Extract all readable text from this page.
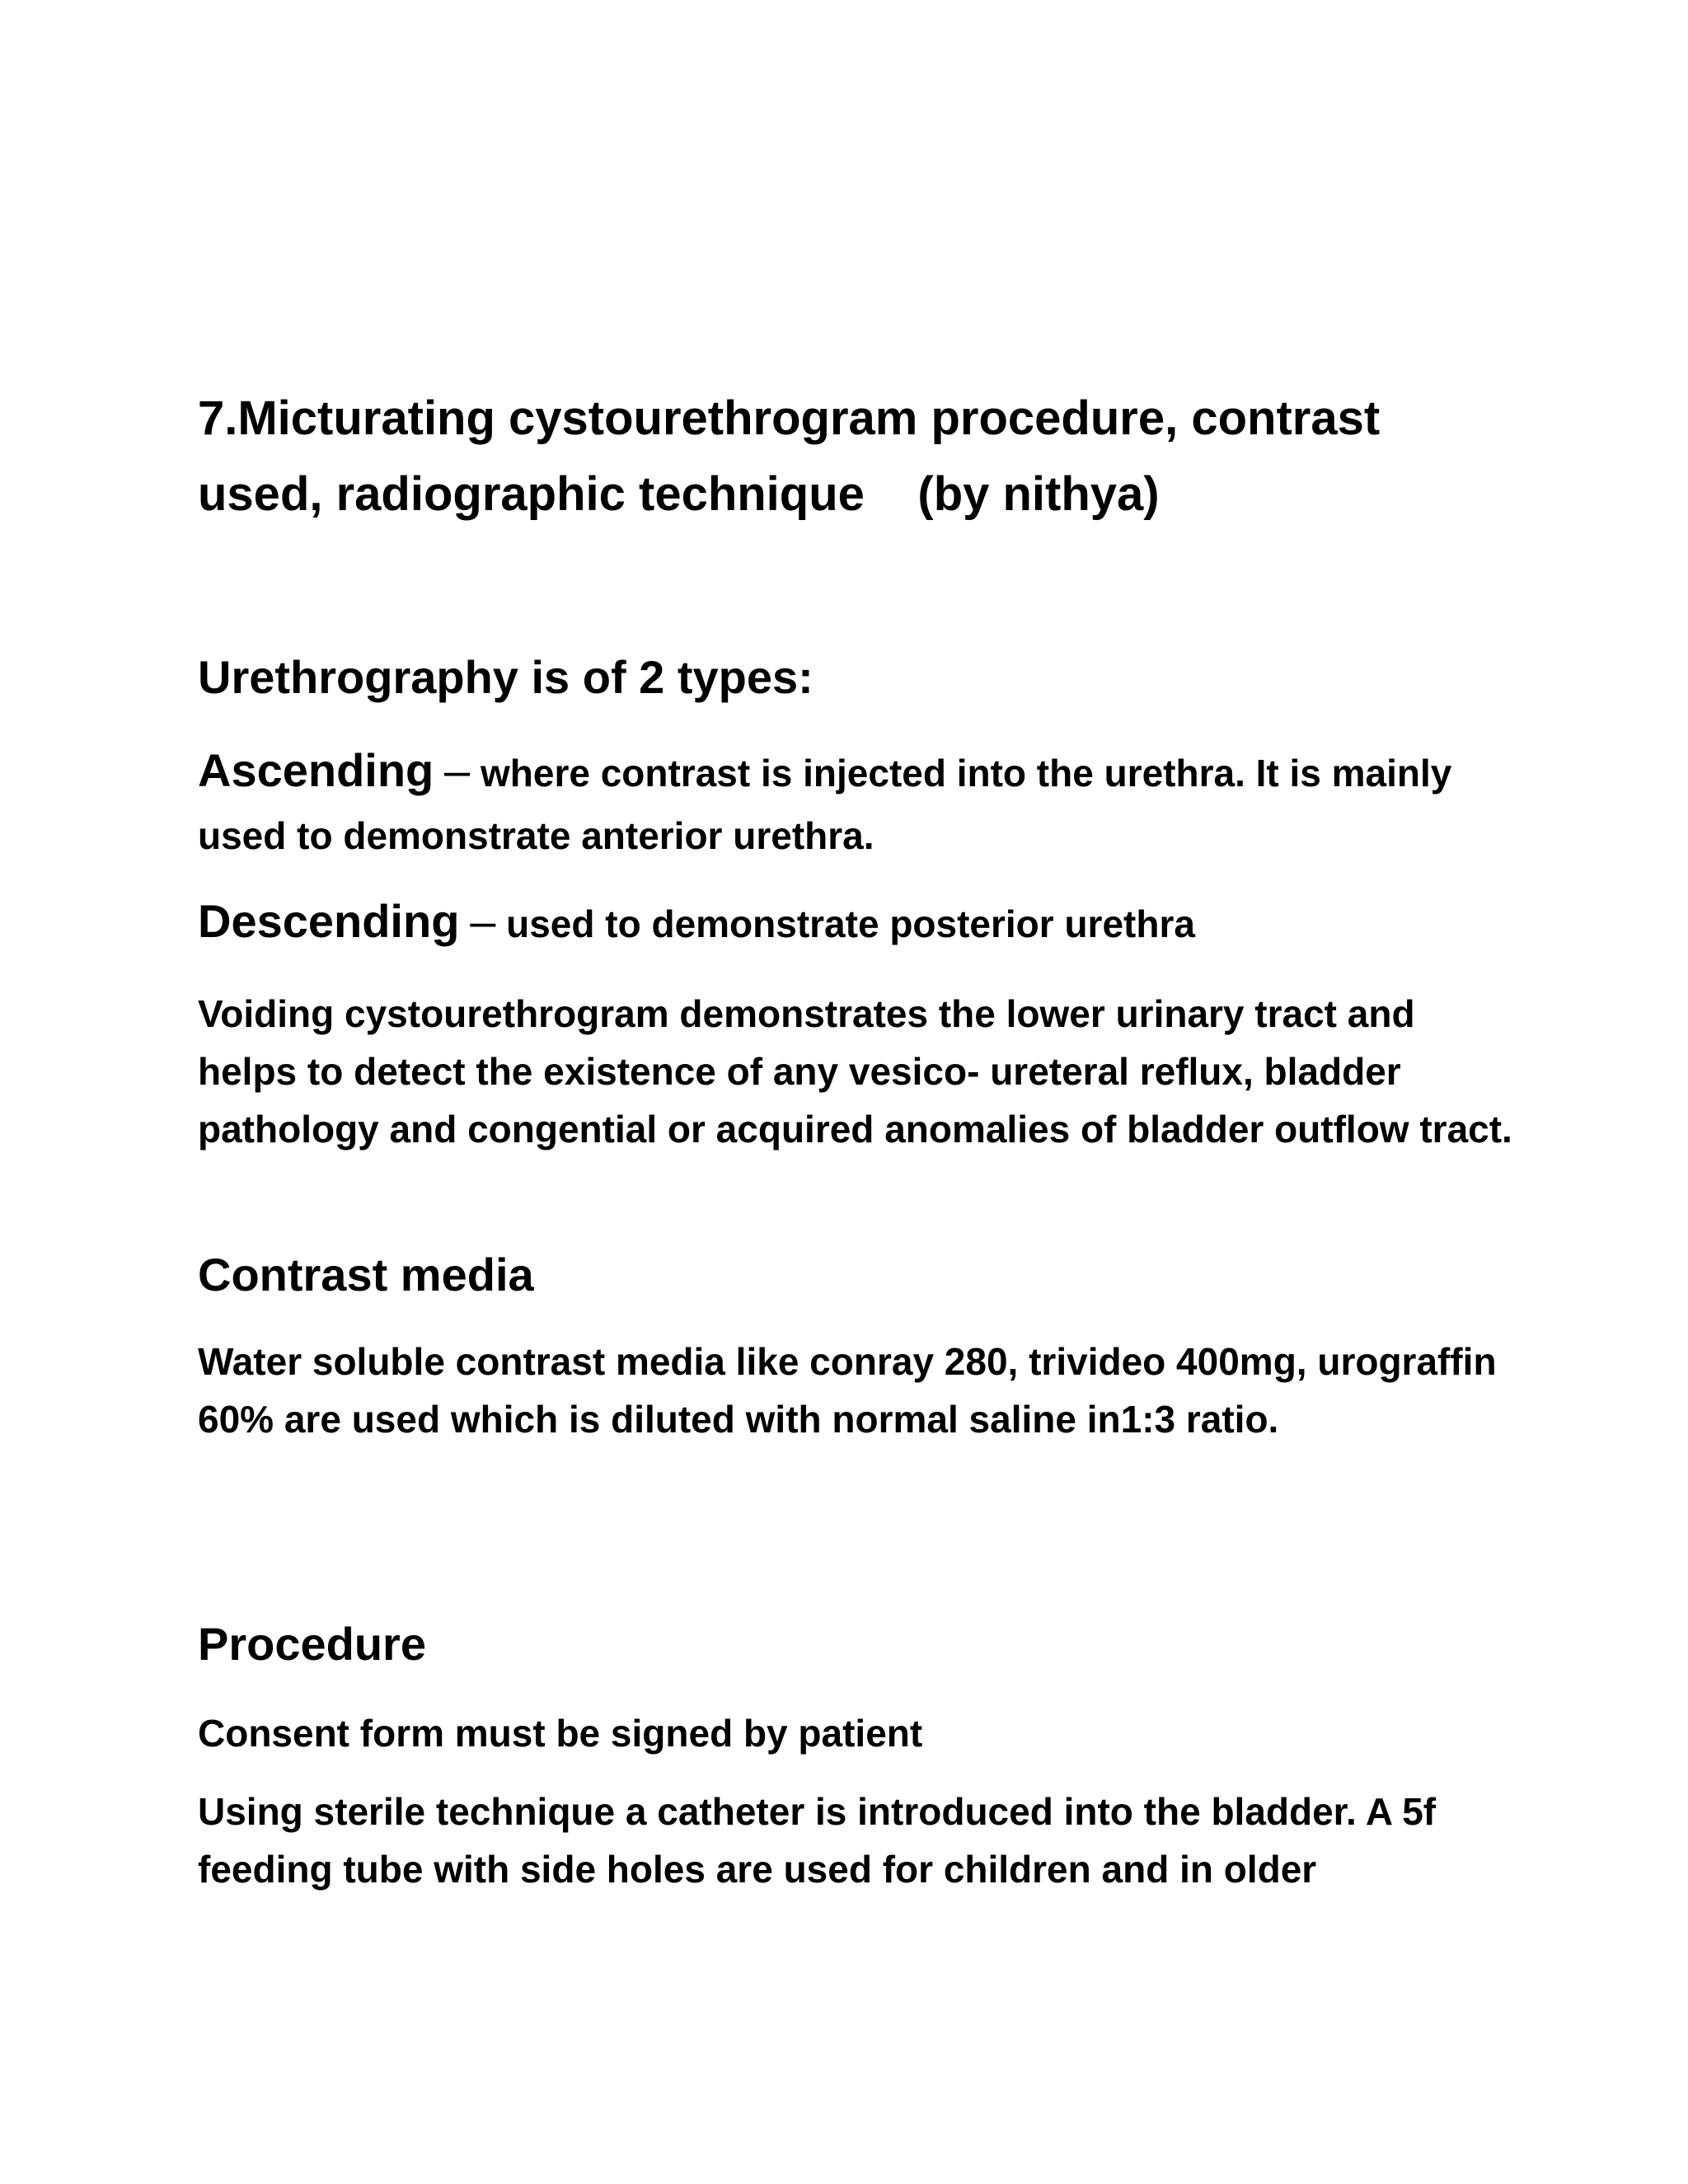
7.Micturating cystourethrogram procedure, contrast used, radiographic technique (by nithya)
Urethrography is of 2 types:

Ascending – where contrast is injected into the urethra. It is mainly used to demonstrate anterior urethra.

Descending – used to demonstrate posterior urethra

Voiding cystourethrogram demonstrates the lower urinary tract and helps to detect the existence of any vesico- ureteral reflux, bladder pathology and congential or acquired anomalies of bladder outflow tract.

Contrast media

Water soluble contrast media like conray 280, trivideo 400mg, urograffin 60% are used which is diluted with normal saline in1:3 ratio.

Procedure

Consent form must be signed by patient

Using sterile technique a catheter is introduced into the bladder. A 5f feeding tube with side holes are used for children and in older
